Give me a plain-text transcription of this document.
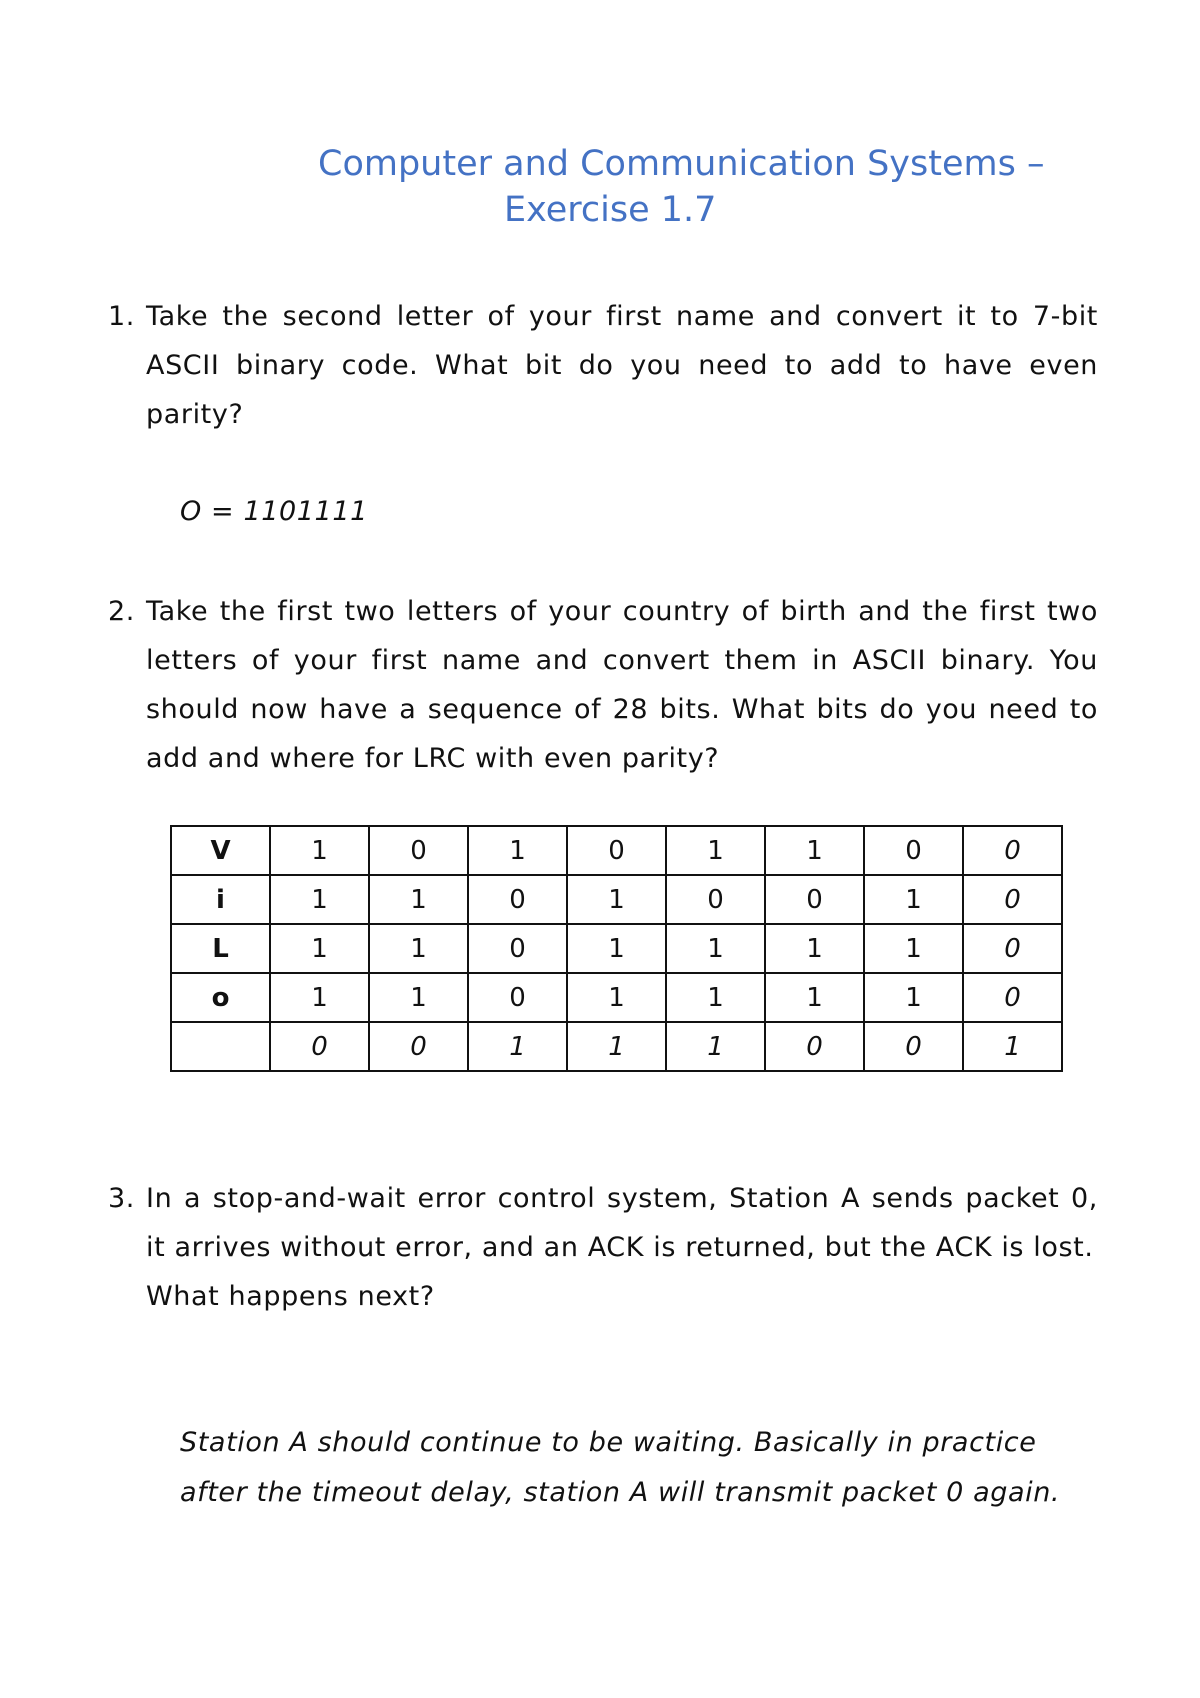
Computer and Communication Systems –
Exercise 1.7
1. Take the second letter of your first name and convert it to 7-bit ASCII binary code. What bit do you need to add to have even parity?
O = 1101111
2. Take the first two letters of your country of birth and the first two letters of your first name and convert them in ASCII binary. You should now have a sequence of 28 bits. What bits do you need to add and where for LRC with even parity?
V	1	0	1	0	1	1	0	0
i	1	1	0	1	0	0	1	0
L	1	1	0	1	1	1	1	0
o	1	1	0	1	1	1	1	0
	0	0	1	1	1	0	0	1
3. In a stop-and-wait error control system, Station A sends packet 0, it arrives without error, and an ACK is returned, but the ACK is lost.
What happens next?
Station A should continue to be waiting. Basically in practice
after the timeout delay, station A will transmit packet 0 again.
